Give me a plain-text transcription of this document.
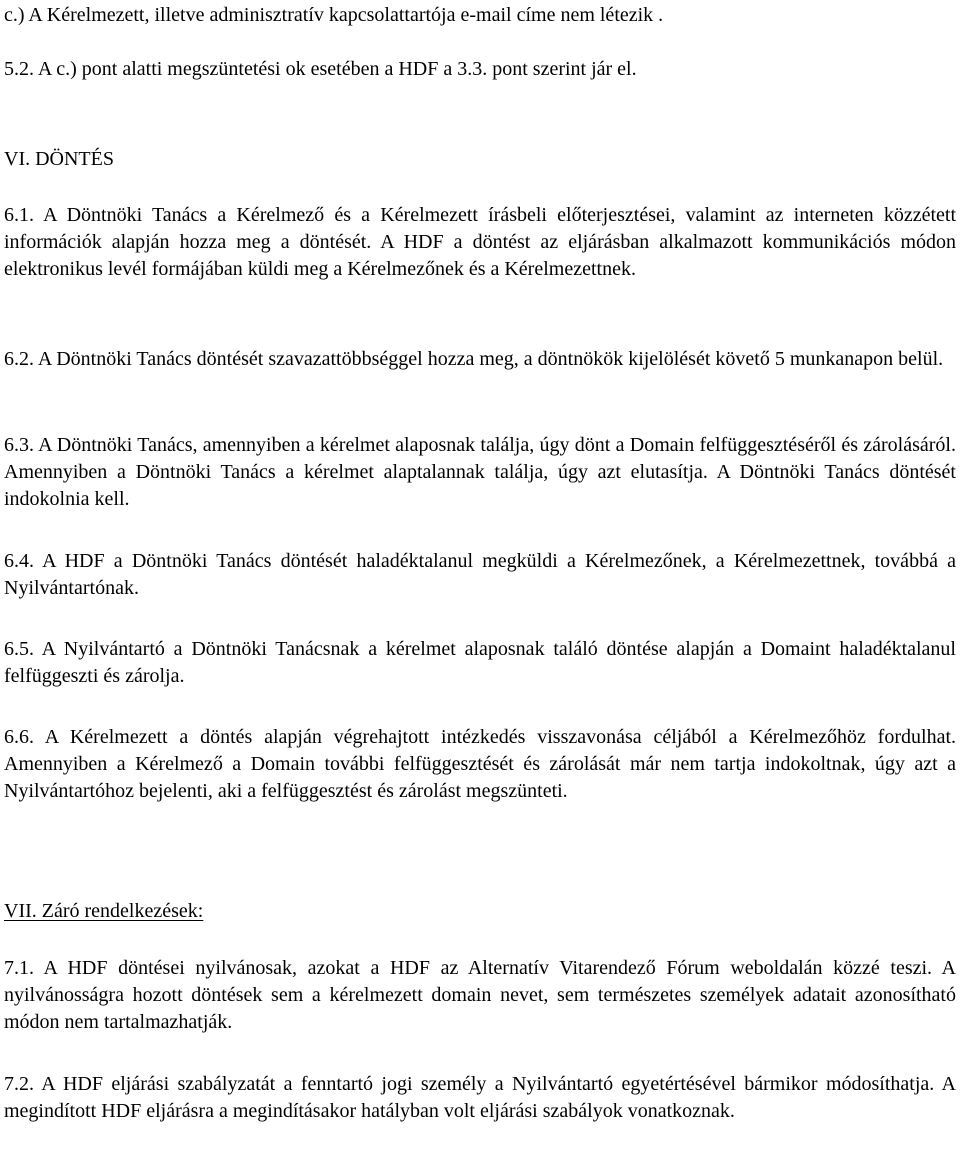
c.) A Kérelmezett, illetve adminisztratív kapcsolattartója e-mail címe nem létezik .

5.2. A c.) pont alatti megszüntetési ok esetében a HDF a 3.3. pont szerint jár el.

VI. DÖNTÉS

6.1. A Döntnöki Tanács a Kérelmező és a Kérelmezett írásbeli előterjesztései, valamint az interneten közzétett információk alapján hozza meg a döntését. A HDF a döntést az eljárásban alkalmazott kommunikációs módon elektronikus levél formájában küldi meg a Kérelmezőnek és a Kérelmezettnek.

6.2. A Döntnöki Tanács döntését szavazattöbbséggel hozza meg, a döntnökök kijelölését követő 5 munkanapon belül.

6.3. A Döntnöki Tanács, amennyiben a kérelmet alaposnak találja, úgy dönt a Domain felfüggesztéséről és zárolásáról. Amennyiben a Döntnöki Tanács a kérelmet alaptalannak találja, úgy azt elutasítja. A Döntnöki Tanács döntését indokolnia kell.

6.4. A HDF a Döntnöki Tanács döntését haladéktalanul megküldi a Kérelmezőnek, a Kérelmezettnek, továbbá a Nyilvántartónak.

6.5. A Nyilvántartó a Döntnöki Tanácsnak a kérelmet alaposnak találó döntése alapján a Domaint haladéktalanul felfüggeszti és zárolja.

6.6. A Kérelmezett a döntés alapján végrehajtott intézkedés visszavonása céljából a Kérelmezőhöz fordulhat. Amennyiben a Kérelmező a Domain további felfüggesztését és zárolását már nem tartja indokoltnak, úgy azt a Nyilvántartóhoz bejelenti, aki a felfüggesztést és zárolást megszünteti.

VII. Záró rendelkezések:

7.1. A HDF döntései nyilvánosak, azokat a HDF az Alternatív Vitarendező Fórum weboldalán közzé teszi. A nyilvánosságra hozott döntések sem a kérelmezett domain nevet, sem természetes személyek adatait azonosítható módon nem tartalmazhatják.

7.2. A HDF eljárási szabályzatát a fenntartó jogi személy a Nyilvántartó egyetértésével bármikor módosíthatja. A megindított HDF eljárásra a megindításakor hatályban volt eljárási szabályok vonatkoznak.
